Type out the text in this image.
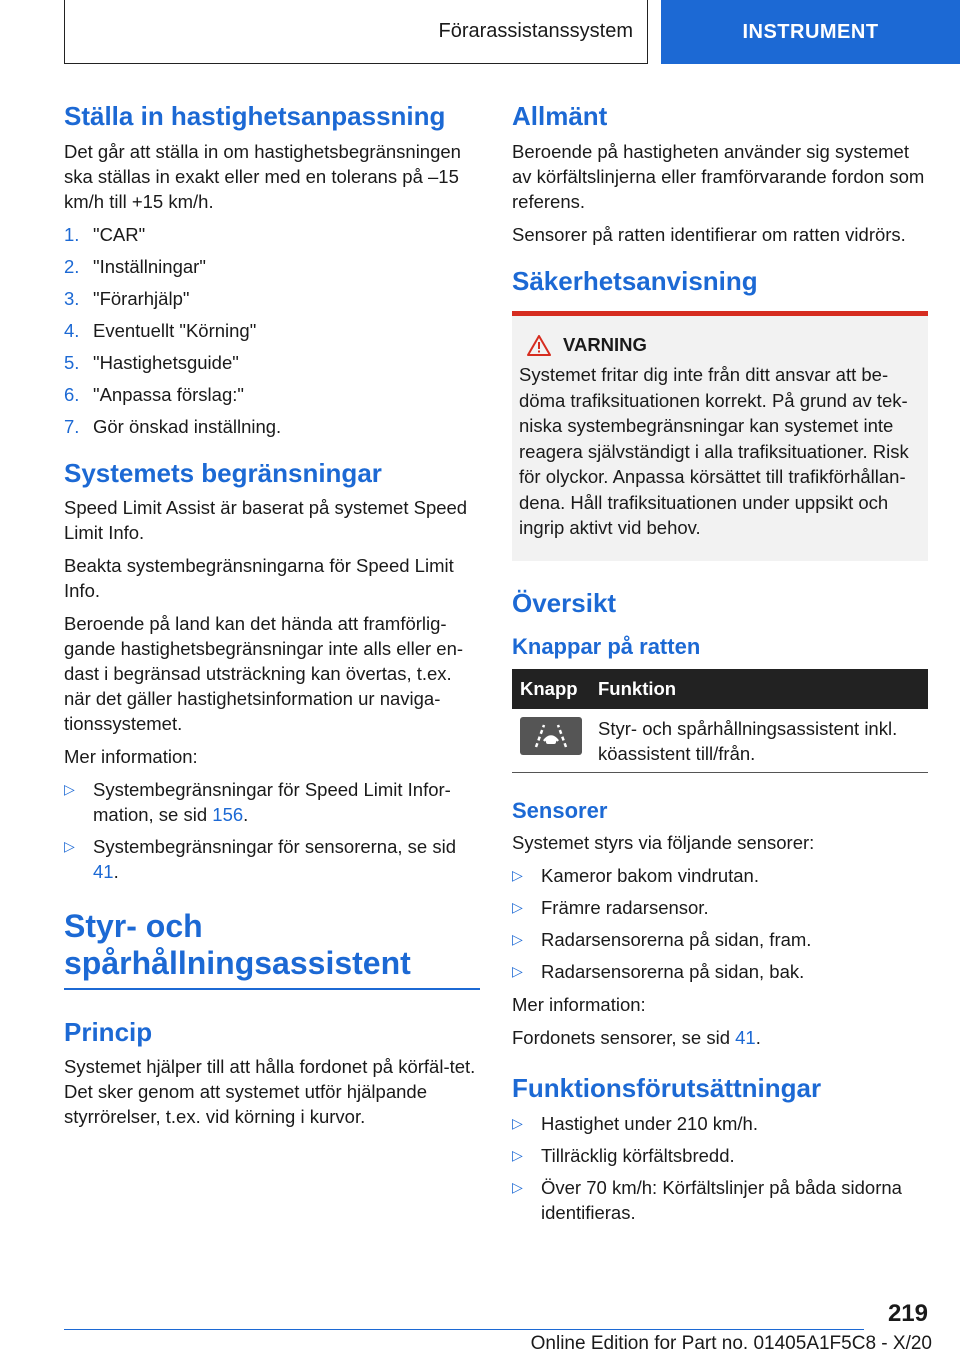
Förarassistanssystem	INSTRUMENT
Ställa in hastighetsanpassning

Det går att ställa in om hastighetsbegränsningen ska ställas in exakt eller med en tolerans på –15 km/h till +15 km/h.

1. "CAR"
2. "Inställningar"
3. "Förarhjälp"
4. Eventuellt "Körning"
5. "Hastighetsguide"
6. "Anpassa förslag:"
7. Gör önskad inställning.
Systemets begränsningar

Speed Limit Assist är baserat på systemet Speed Limit Info.

Beakta systembegränsningarna för Speed Limit Info.

Beroende på land kan det hända att framförlig-gande hastighetsbegränsningar inte alls eller en-dast i begränsad utsträckning kan övertas, t.ex. när det gäller hastighetsinformation ur naviga-tionssystemet.

Mer information:

▷ Systembegränsningar för Speed Limit Infor-mation, se sid 156.
▷ Systembegränsningar för sensorerna, se sid 41.
Styr- och spårhållningsassistent
Princip

Systemet hjälper till att hålla fordonet på körfäl-tet. Det sker genom att systemet utför hjälpande styrrörelser, t.ex. vid körning i kurvor.

Allmänt

Beroende på hastigheten använder sig systemet av körfältslinjerna eller framförvarande fordon som referens.

Sensorer på ratten identifierar om ratten vidrörs.

Säkerhetsanvisning
VARNING

Systemet fritar dig inte från ditt ansvar att be-döma trafiksituationen korrekt. På grund av tek-niska systembegränsningar kan systemet inte reagera självständigt i alla trafiksituationer. Risk för olyckor. Anpassa körsättet till trafikförhållan-dena. Håll trafiksituationen under uppsikt och ingrip aktivt vid behov.

Översikt
Knappar på ratten
Knapp	Funktion

	Styr- och spårhållningsassistent inkl. köassistent till/från.
Sensorer

Systemet styrs via följande sensorer:

▷ Kameror bakom vindrutan.
▷ Främre radarsensor.
▷ Radarsensorerna på sidan, fram.
▷ Radarsensorerna på sidan, bak.

Mer information:

Fordonets sensorer, se sid 41.

Funktionsförutsättningar
▷ Hastighet under 210 km/h.
▷ Tillräcklig körfältsbredd.
▷ Över 70 km/h: Körfältslinjer på båda sidorna identifieras.
219
Online Edition for Part no. 01405A1F5C8 - X/20
